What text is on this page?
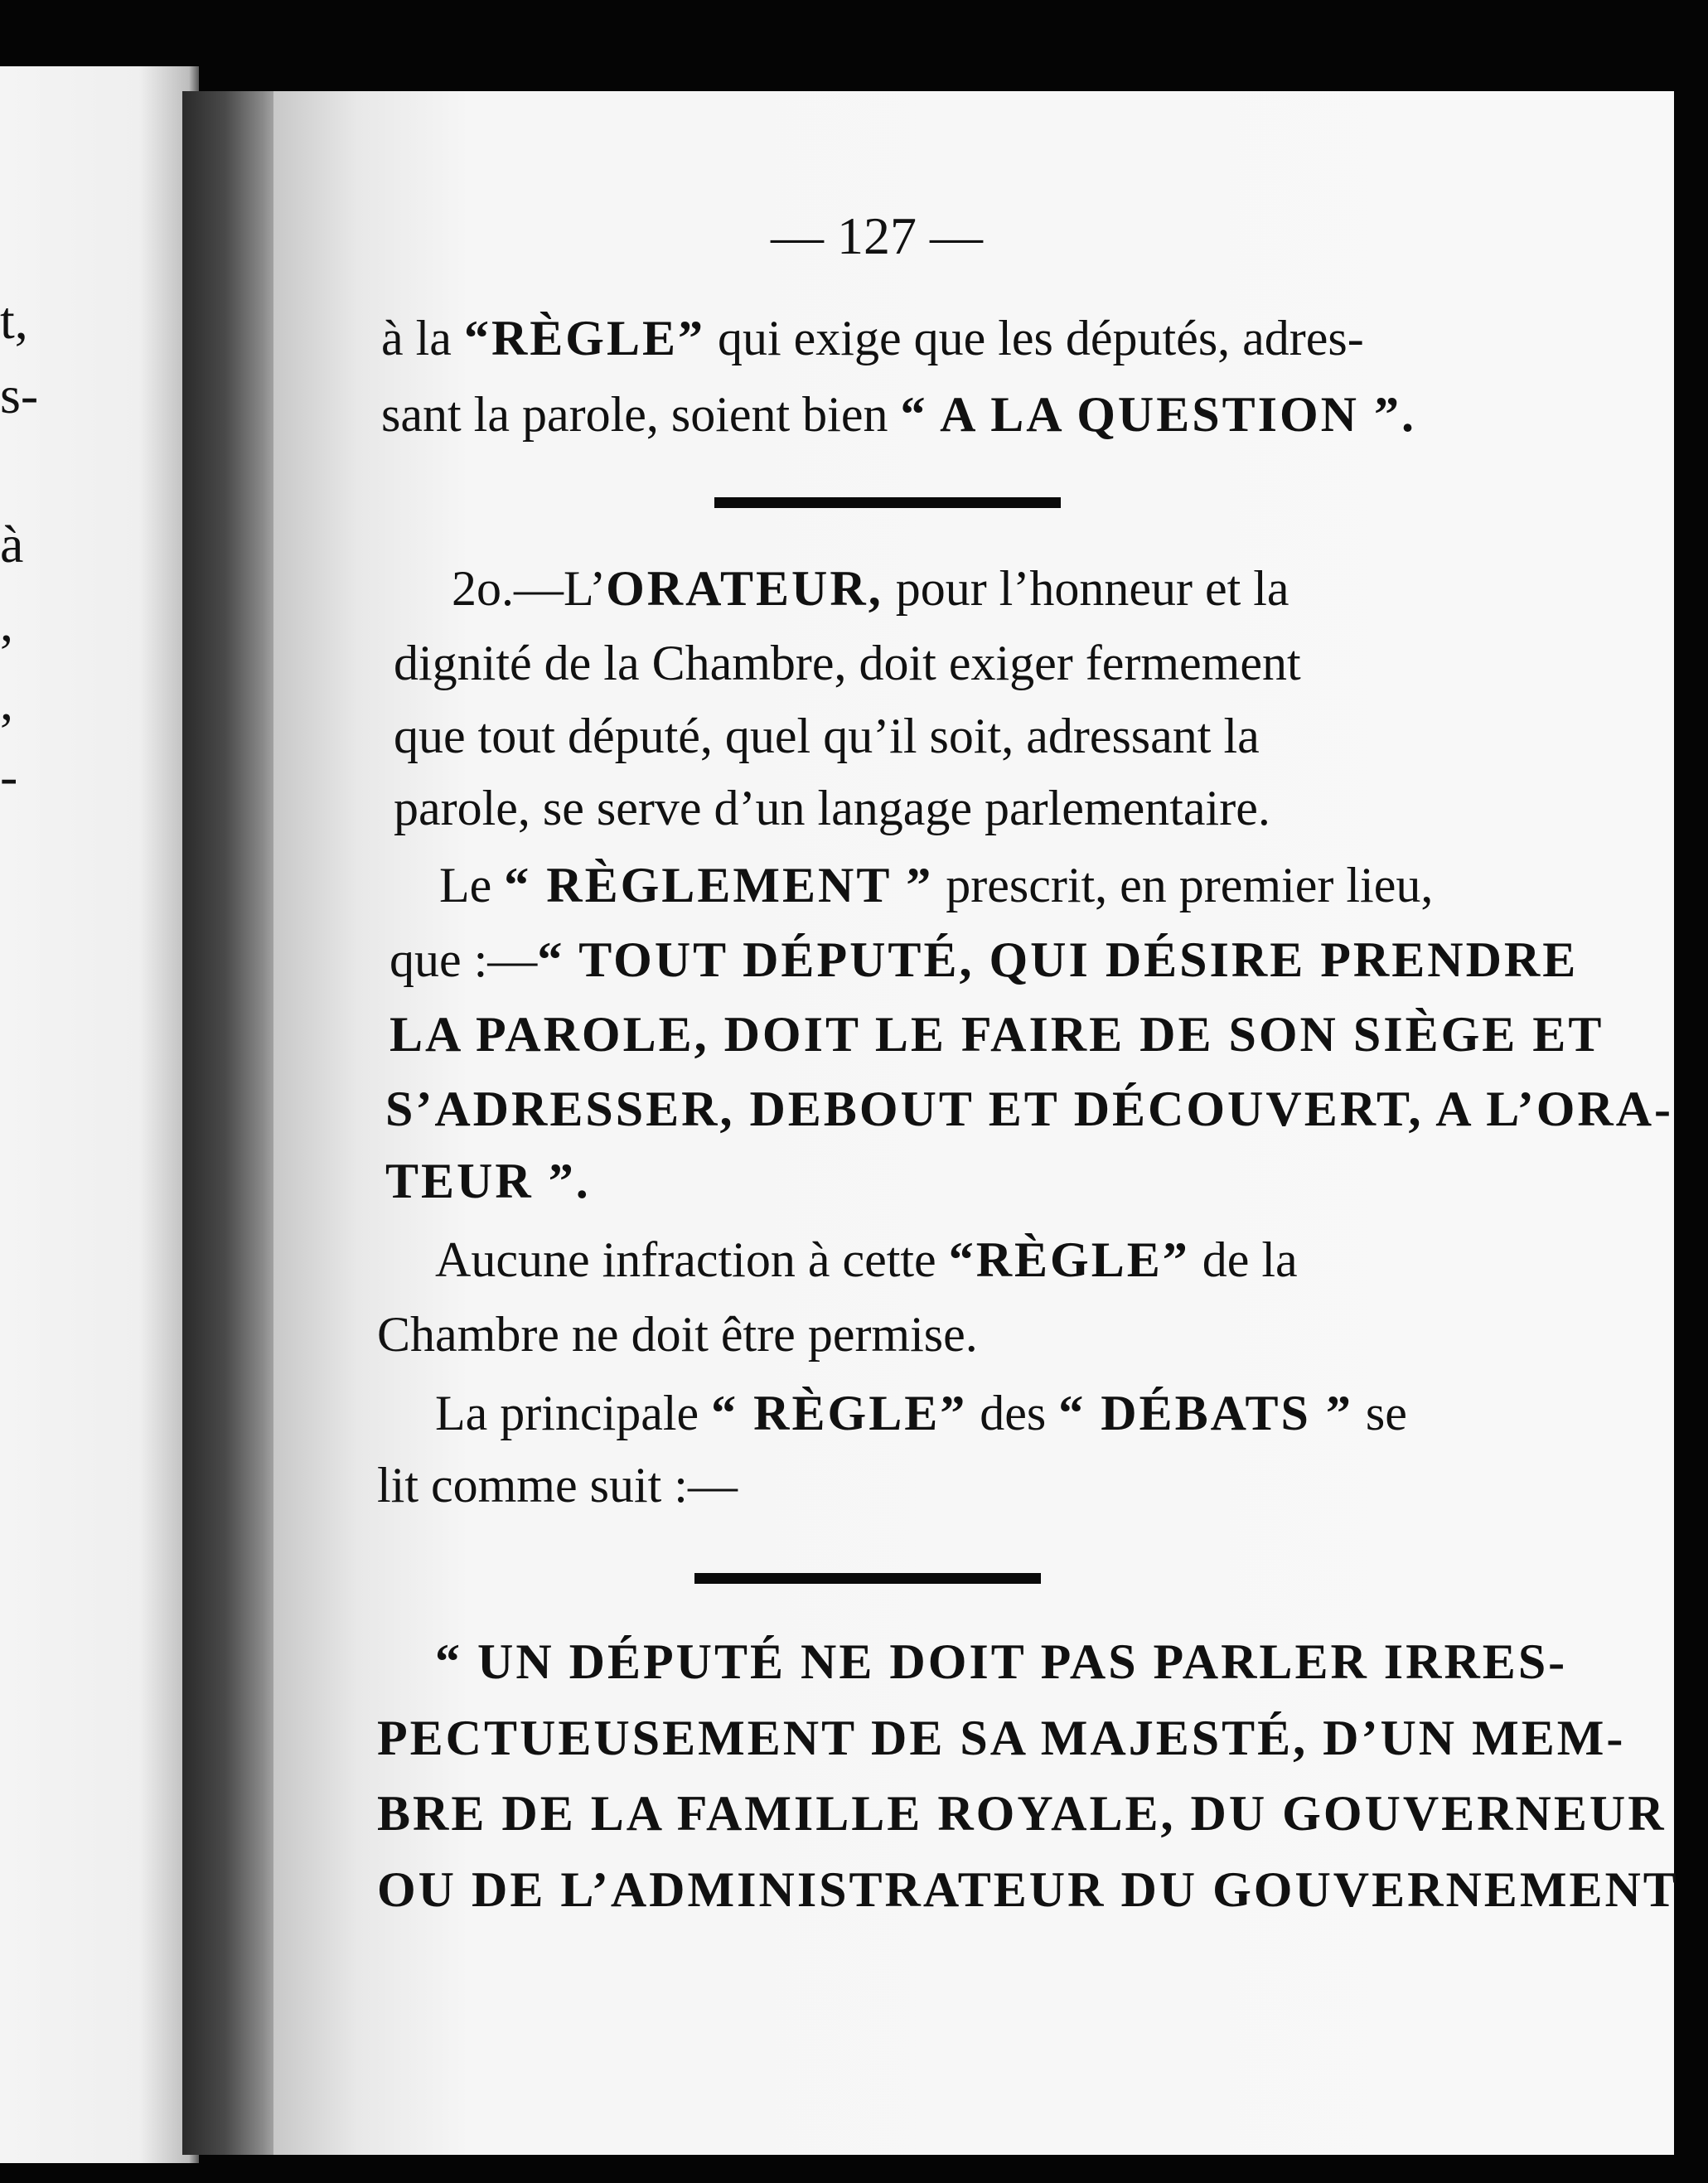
t,
s-
à
,
,
-
— 127 —
à la “RÈGLE” qui exige que les députés, adres-
sant la parole, soient bien “ A LA QUESTION ”.
2o.—L’ORATEUR, pour l’honneur et la
dignité de la Chambre, doit exiger fermement
que tout député, quel qu’il soit, adressant la
parole, se serve d’un langage parlementaire.
Le “ RÈGLEMENT ” prescrit, en premier lieu,
que :—“ TOUT DÉPUTÉ, QUI DÉSIRE PRENDRE
LA PAROLE, DOIT LE FAIRE DE SON SIÈGE ET
S’ADRESSER, DEBOUT ET DÉCOUVERT, A L’ORA-
TEUR ”.
Aucune infraction à cette “RÈGLE” de la
Chambre ne doit être permise.
La principale “ RÈGLE” des “ DÉBATS ” se
lit comme suit :—
“ UN DÉPUTÉ NE DOIT PAS PARLER IRRES-
PECTUEUSEMENT DE SA MAJESTÉ, D’UN MEM-
BRE DE LA FAMILLE ROYALE, DU GOUVERNEUR
OU DE L’ADMINISTRATEUR DU GOUVERNEMENT
